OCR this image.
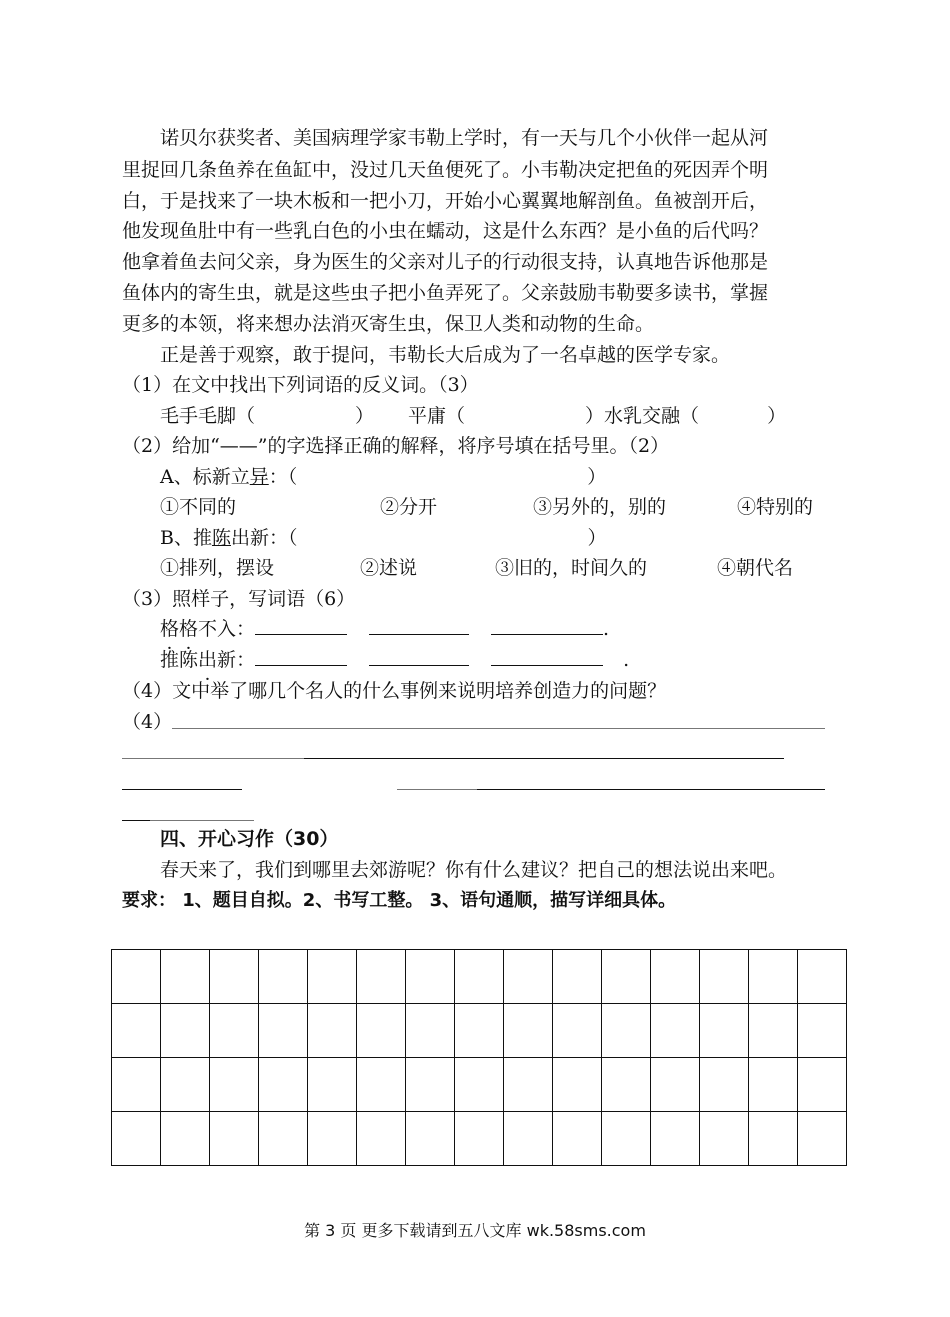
诺贝尔获奖者、美国病理学家韦勒上学时，有一天与几个小伙伴一起从河
里捉回几条鱼养在鱼缸中，没过几天鱼便死了。小韦勒决定把鱼的死因弄个明
白，于是找来了一块木板和一把小刀，开始小心翼翼地解剖鱼。鱼被剖开后，
他发现鱼肚中有一些乳白色的小虫在蠕动，这是什么东西？是小鱼的后代吗？
他拿着鱼去问父亲，身为医生的父亲对儿子的行动很支持，认真地告诉他那是
鱼体内的寄生虫，就是这些虫子把小鱼弄死了。父亲鼓励韦勒要多读书，掌握
更多的本领，将来想办法消灭寄生虫，保卫人类和动物的生命。
正是善于观察，敢于提问，韦勒长大后成为了一名卓越的医学专家。
（1）在文中找出下列词语的反义词。（3）
毛手毛脚（	） 平庸（	）水乳交融（	）
（2）给加“——”的字选择正确的解释，将序号填在括号里。（2）
A、标新立异：（	）
①不同的	②分开	③另外的，别的	④特别的
B、推陈出新：（	）
①排列，摆设	②述说	③旧的，时间久的	④朝代名
（3）照样子，写词语（6）
格格不入：	.
推陈出新：	.
（4）文中举了哪几个名人的什么事例来说明培养创造力的问题？
（4）
四、开心习作（30）
春天来了，我们到哪里去郊游呢？你有什么建议？把自己的想法说出来吧。
要求： 1、题目自拟。2、书写工整。 3、语句通顺，描写详细具体。

第 3 页 更多下载请到五八文库 wk.58sms.com
